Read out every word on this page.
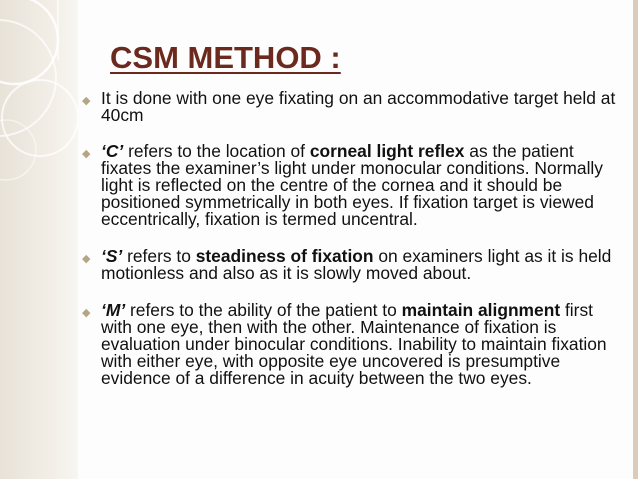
CSM METHOD :
◆ It is done with one eye fixating on an accommodative target held at 40cm
◆ ‘C’ refers to the location of corneal light reflex as the patient fixates the examiner’s light under monocular conditions. Normally light is reflected on the centre of the cornea and it should be positioned symmetrically in both eyes. If fixation target is viewed eccentrically, fixation is termed uncentral.
◆ ‘S’ refers to steadiness of fixation on examiners light as it is held motionless and also as it is slowly moved about.
◆ ‘M’ refers to the ability of the patient to maintain alignment first with one eye, then with the other. Maintenance of fixation is evaluation under binocular conditions. Inability to maintain fixation with either eye, with opposite eye uncovered is presumptive evidence of a difference in acuity between the two eyes.
